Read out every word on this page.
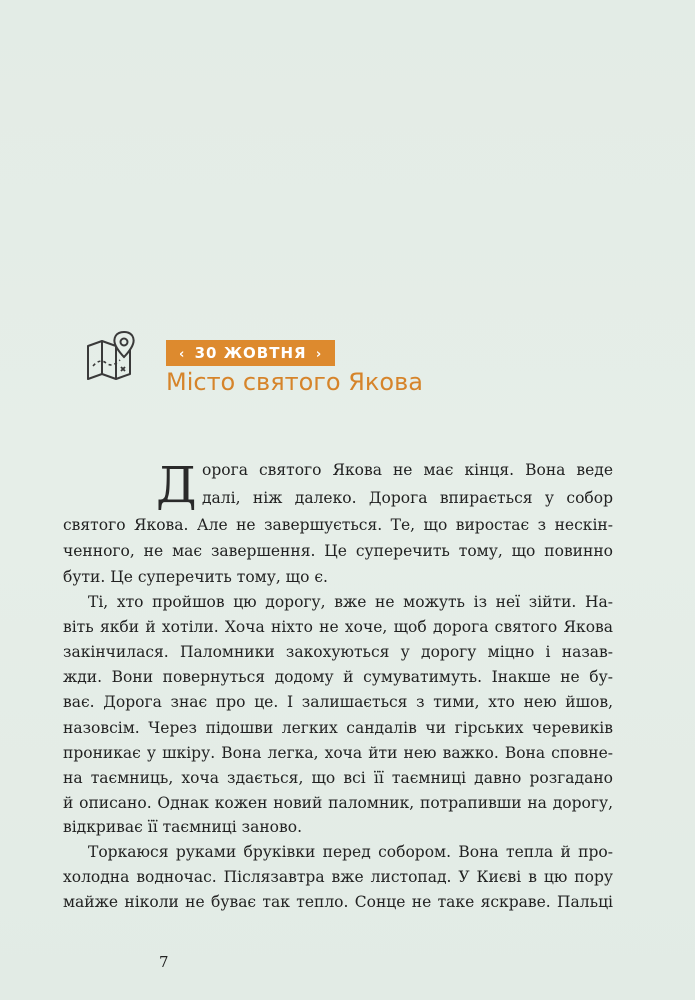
‹ 30 ЖОВТНЯ ›
Місто святого Якова
Д орога святого Якова не має кінця. Вона веде
далі, ніж далеко. Дорога впирається у собор
святого Якова. Але не завершується. Те, що виростає з нескін-
ченного, не має завершення. Це суперечить тому, що повинно
бути. Це суперечить тому, що є.
Ті, хто пройшов цю дорогу, вже не можуть із неї зійти. На-
віть якби й хотіли. Хоча ніхто не хоче, щоб дорога святого Якова
закінчилася. Паломники закохуються у дорогу міцно і назав-
жди. Вони повернуться додому й сумуватимуть. Інакше не бу-
ває. Дорога знає про це. І залишається з тими, хто нею йшов,
назовсім. Через підошви легких сандалів чи гірських черевиків
проникає у шкіру. Вона легка, хоча йти нею важко. Вона сповне-
на таємниць, хоча здається, що всі її таємниці давно розгадано
й описано. Однак кожен новий паломник, потрапивши на дорогу,
відкриває її таємниці заново.
Торкаюся руками бруківки перед собором. Вона тепла й про-
холодна водночас. Післязавтра вже листопад. У Києві в цю пору
майже ніколи не буває так тепло. Сонце не таке яскраве. Пальці
7
